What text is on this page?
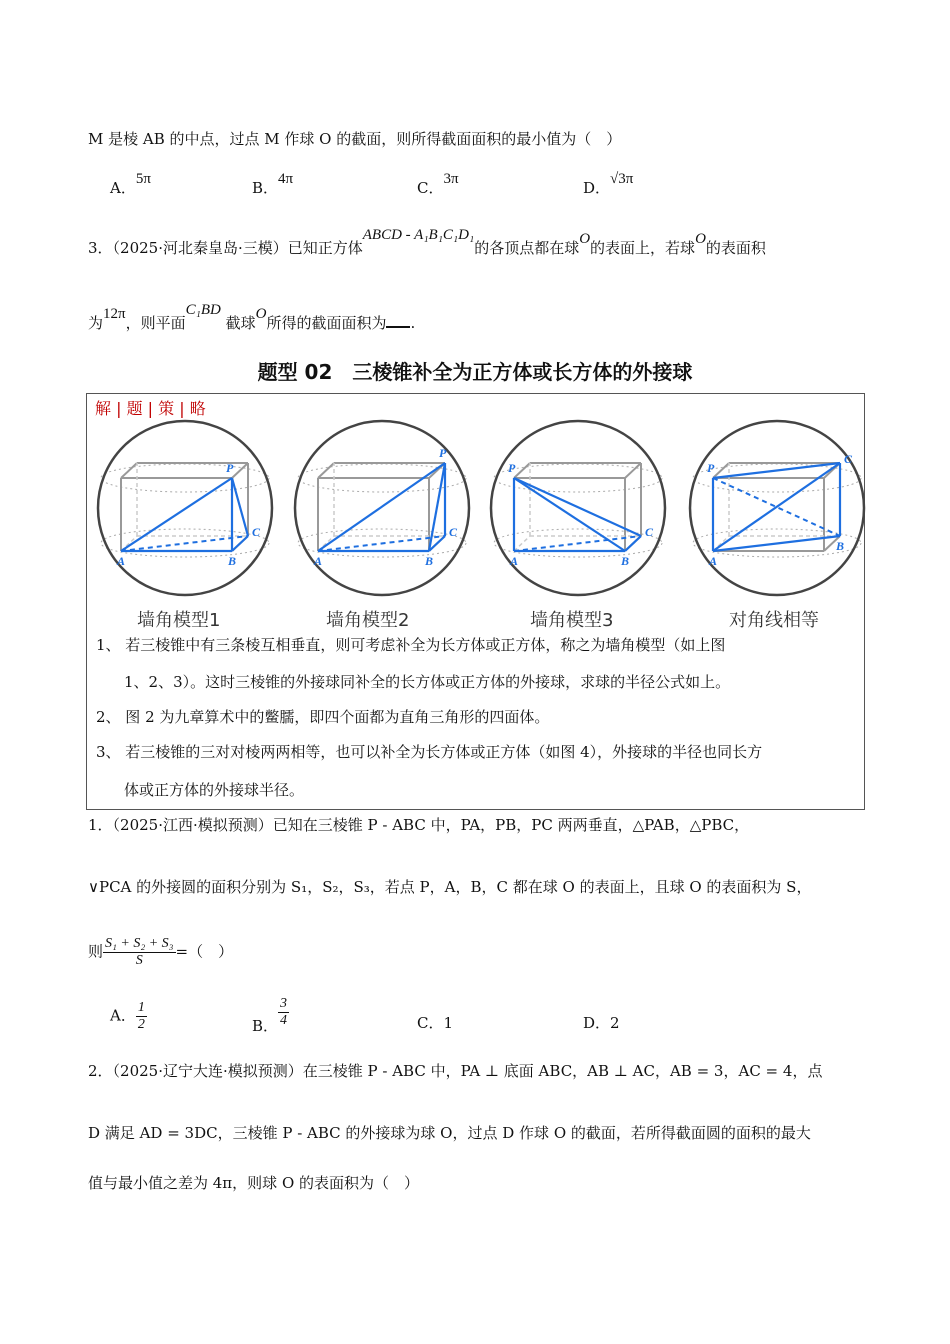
M 是棱 AB 的中点，过点 M 作球 O 的截面，则所得截面面积的最小值为（　）
A．5π	B．4π	C．3π	D．√3π
3．（2025·河北秦皇岛·三模）已知正方体ABCD - A₁B₁C₁D₁的各顶点都在球O的表面上，若球O的表面积
为12π，则平面C₁BD 截球O所得的截面面积为 .
题型 02　三棱锥补全为正方体或长方体的外接球
解 | 题 | 策 | 略
P
A	B
C
P
A	B
C
P
A	B
C
P
A
B
C
墙角模型1	墙角模型2	墙角模型3	对角线相等
1、 若三棱锥中有三条棱互相垂直，则可考虑补全为长方体或正方体，称之为墙角模型（如上图
1、2、3）。这时三棱锥的外接球同补全的长方体或正方体的外接球，求球的半径公式如上。
2、 图 2 为九章算术中的鳖臑，即四个面都为直角三角形的四面体。
3、 若三棱锥的三对对棱两两相等，也可以补全为长方体或正方体（如图 4），外接球的半径也同长方
体或正方体的外接球半径。
1．（2025·江西·模拟预测）已知在三棱锥 P - ABC 中，PA，PB，PC 两两垂直，△PAB，△PBC，
∨PCA 的外接圆的面积分别为 S₁，S₂，S₃，若点 P，A，B，C 都在球 O 的表面上，且球 O 的表面积为 S，
则 $\frac{\text{S₁ + S₂ + S₃}}{S}$ =（　）
A． $\frac{1}{2}$	B． $\frac{3}{4}$	C．1	D．2
2．（2025·辽宁大连·模拟预测）在三棱锥 P - ABC 中，PA ⊥ 底面 ABC，AB ⊥ AC，AB = 3，AC = 4，点
D 满足 AD = 3DC，三棱锥 P - ABC 的外接球为球 O，过点 D 作球 O 的截面，若所得截面圆的面积的最大
值与最小值之差为 4π，则球 O 的表面积为（　）
